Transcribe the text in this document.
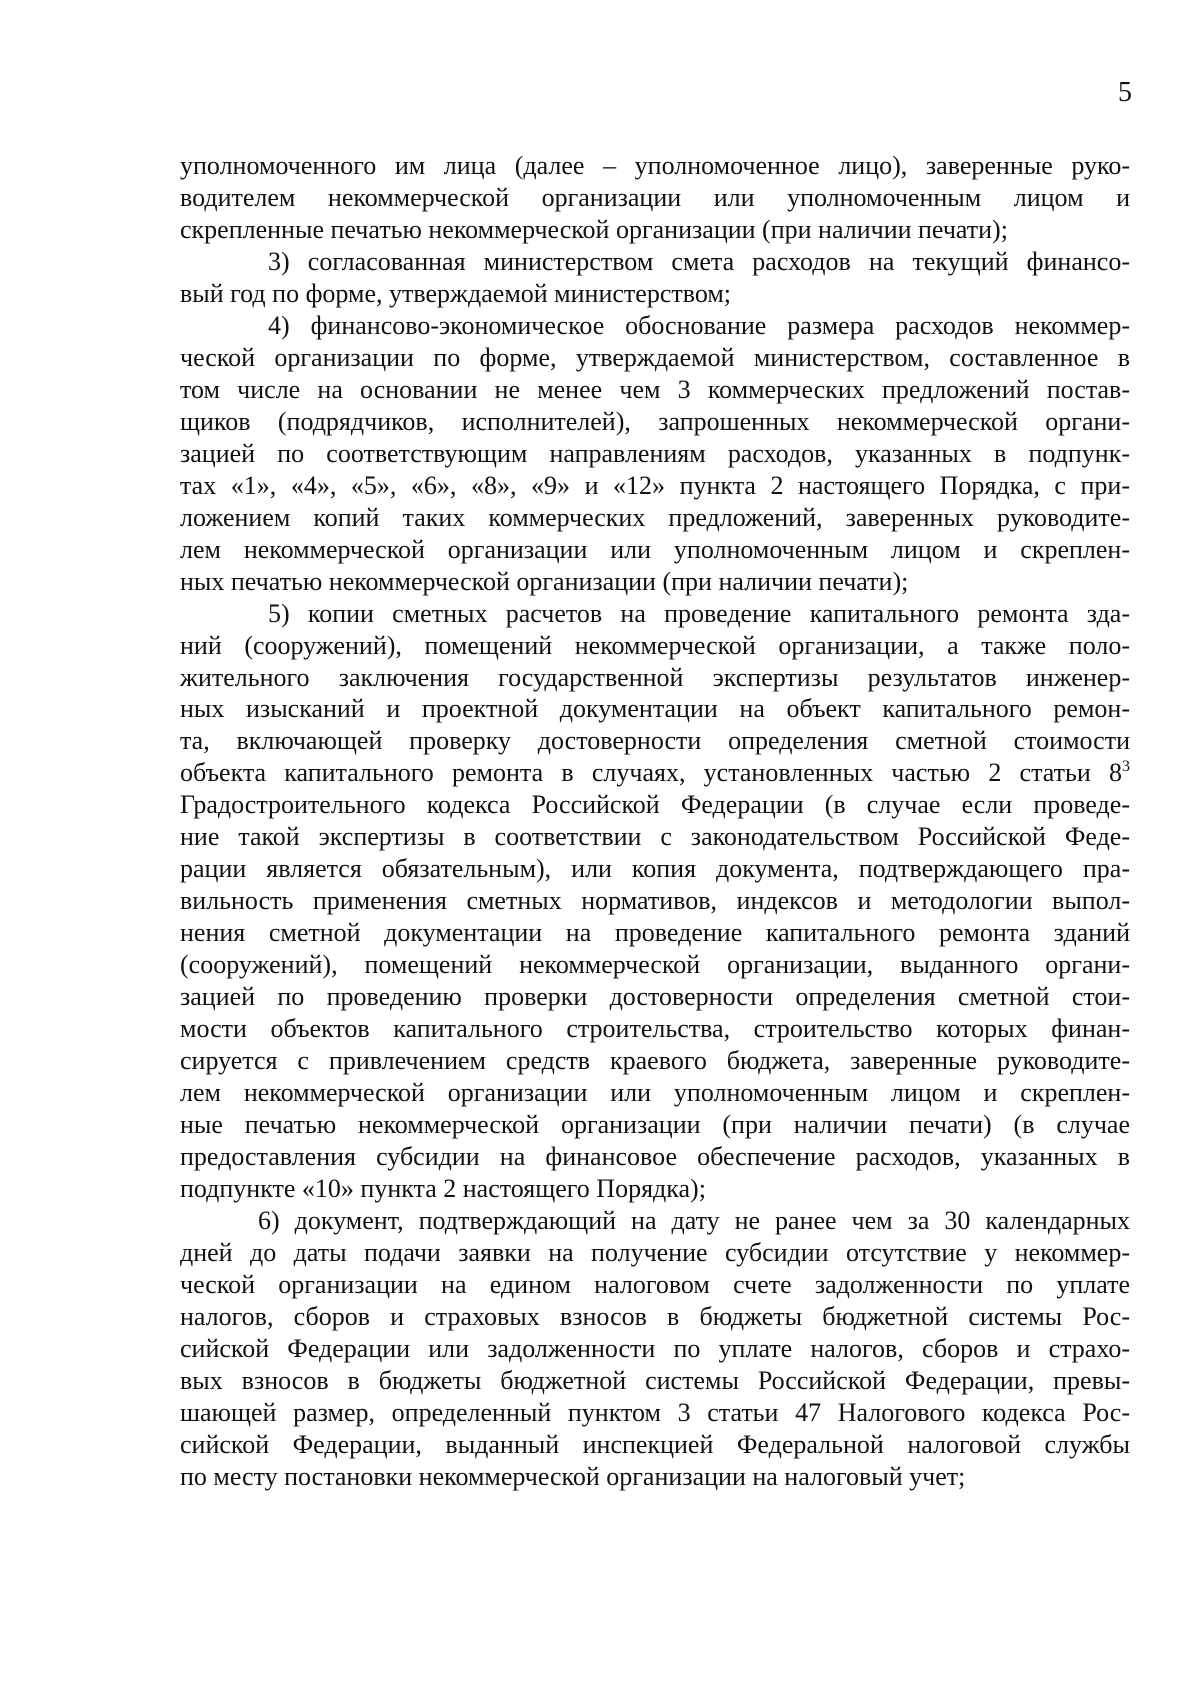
5
уполномоченного им лица (далее – уполномоченное лицо), заверенные руко-
водителем некоммерческой организации или уполномоченным лицом и
скрепленные печатью некоммерческой организации (при наличии печати);
3) согласованная министерством смета расходов на текущий финансо-
вый год по форме, утверждаемой министерством;
4) финансово-экономическое обоснование размера расходов некоммер-
ческой организации по форме, утверждаемой министерством, составленное в
том числе на основании не менее чем 3 коммерческих предложений постав-
щиков (подрядчиков, исполнителей), запрошенных некоммерческой органи-
зацией по соответствующим направлениям расходов, указанных в подпунк-
тах «1», «4», «5», «6», «8», «9» и «12» пункта 2 настоящего Порядка, с при-
ложением копий таких коммерческих предложений, заверенных руководите-
лем некоммерческой организации или уполномоченным лицом и скреплен-
ных печатью некоммерческой организации (при наличии печати);
5) копии сметных расчетов на проведение капитального ремонта зда-
ний (сооружений), помещений некоммерческой организации, а также поло-
жительного заключения государственной экспертизы результатов инженер-
ных изысканий и проектной документации на объект капитального ремон-
та, включающей проверку достоверности определения сметной стоимости
объекта капитального ремонта в случаях, установленных частью 2 статьи $8^3$
Градостроительного кодекса Российской Федерации (в случае если проведе-
ние такой экспертизы в соответствии с законодательством Российской Феде-
рации является обязательным), или копия документа, подтверждающего пра-
вильность применения сметных нормативов, индексов и методологии выпол-
нения сметной документации на проведение капитального ремонта зданий
(сооружений), помещений некоммерческой организации, выданного органи-
зацией по проведению проверки достоверности определения сметной стои-
мости объектов капитального строительства, строительство которых финан-
сируется с привлечением средств краевого бюджета, заверенные руководите-
лем некоммерческой организации или уполномоченным лицом и скреплен-
ные печатью некоммерческой организации (при наличии печати) (в случае
предоставления субсидии на финансовое обеспечение расходов, указанных в
подпункте «10» пункта 2 настоящего Порядка);
6) документ, подтверждающий на дату не ранее чем за 30 календарных
дней до даты подачи заявки на получение субсидии отсутствие у некоммер-
ческой организации на едином налоговом счете задолженности по уплате
налогов, сборов и страховых взносов в бюджеты бюджетной системы Рос-
сийской Федерации или задолженности по уплате налогов, сборов и страхо-
вых взносов в бюджеты бюджетной системы Российской Федерации, превы-
шающей размер, определенный пунктом 3 статьи 47 Налогового кодекса Рос-
сийской Федерации, выданный инспекцией Федеральной налоговой службы
по месту постановки некоммерческой организации на налоговый учет;
